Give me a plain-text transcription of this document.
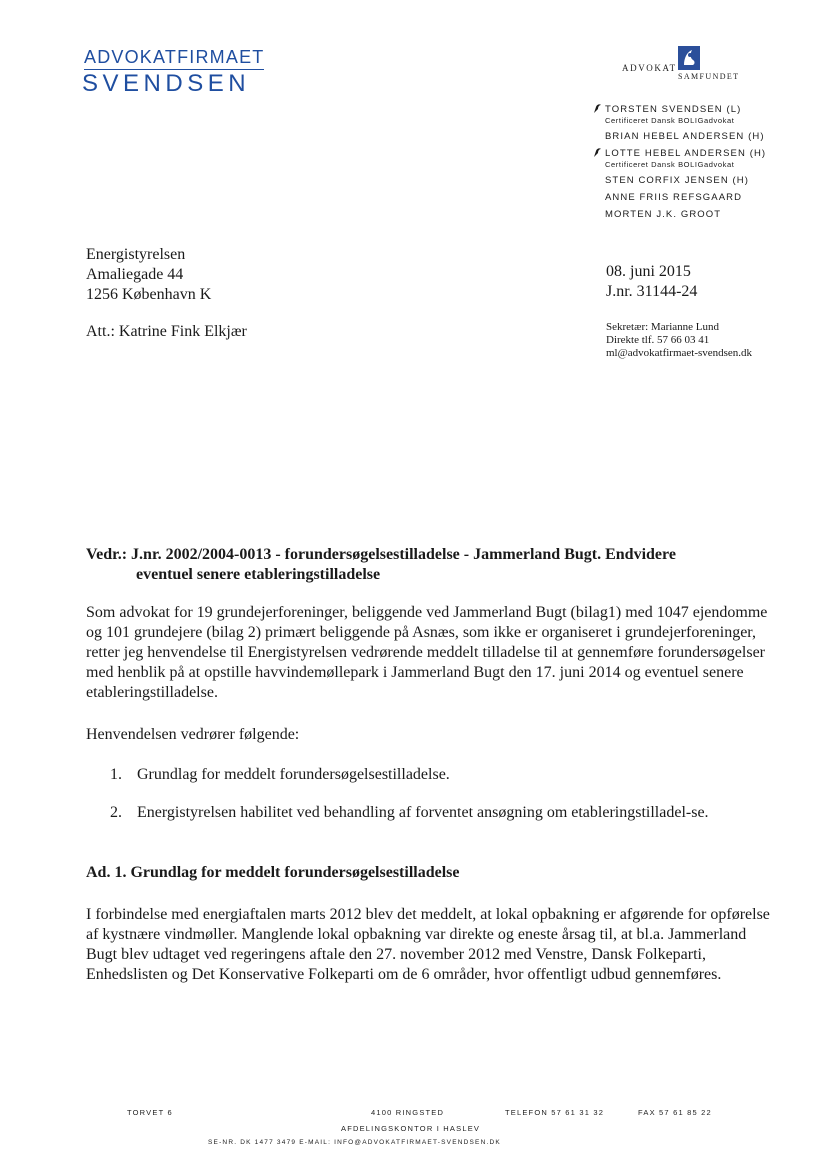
ADVOKATFIRMAET
SVENDSEN
ADVOKAT
SAMFUNDET
TORSTEN SVENDSEN (L)
Certificeret Dansk BOLIGadvokat
BRIAN HEBEL ANDERSEN (H)
LOTTE HEBEL ANDERSEN (H)
Certificeret Dansk BOLIGadvokat
STEN CORFIX JENSEN (H)
ANNE FRIIS REFSGAARD
MORTEN J.K. GROOT
Energistyrelsen
Amaliegade 44
1256 København K
Att.: Katrine Fink Elkjær
08. juni 2015
J.nr. 31144-24
Sekretær: Marianne Lund
Direkte tlf. 57 66 03 41
ml@advokatfirmaet-svendsen.dk
Vedr.: J.nr. 2002/2004-0013 - forundersøgelsestilladelse - Jammerland Bugt. Endvidere
eventuel senere etableringstilladelse
Som advokat for 19 grundejerforeninger, beliggende ved Jammerland Bugt (bilag1) med 1047 ejendomme og 101 grundejere (bilag 2) primært beliggende på Asnæs, som ikke er organiseret i grundejerforeninger, retter jeg henvendelse til Energistyrelsen vedrørende meddelt tilladelse til at gennemføre forundersøgelser med henblik på at opstille havvindemøllepark i Jammerland Bugt den 17. juni 2014 og eventuel senere etableringstilladelse.
Henvendelsen vedrører følgende:
1. Grundlag for meddelt forundersøgelsestilladelse.
2. Energistyrelsen habilitet ved behandling af forventet ansøgning om etableringstilladel-se.
Ad. 1. Grundlag for meddelt forundersøgelsestilladelse
I forbindelse med energiaftalen marts 2012 blev det meddelt, at lokal opbakning er afgørende for opførelse af kystnære vindmøller. Manglende lokal opbakning var direkte og eneste årsag til, at bl.a. Jammerland Bugt blev udtaget ved regeringens aftale den 27. november 2012 med Venstre, Dansk Folkeparti, Enhedslisten og Det Konservative Folkeparti om de 6 områder, hvor offentligt udbud gennemføres.
TORVET 6	4100 RINGSTED	TELEFON 57 61 31 32	FAX 57 61 85 22
AFDELINGSKONTOR I HASLEV
SE-NR. DK 1477 3479 E-MAIL: INFO@ADVOKATFIRMAET-SVENDSEN.DK
